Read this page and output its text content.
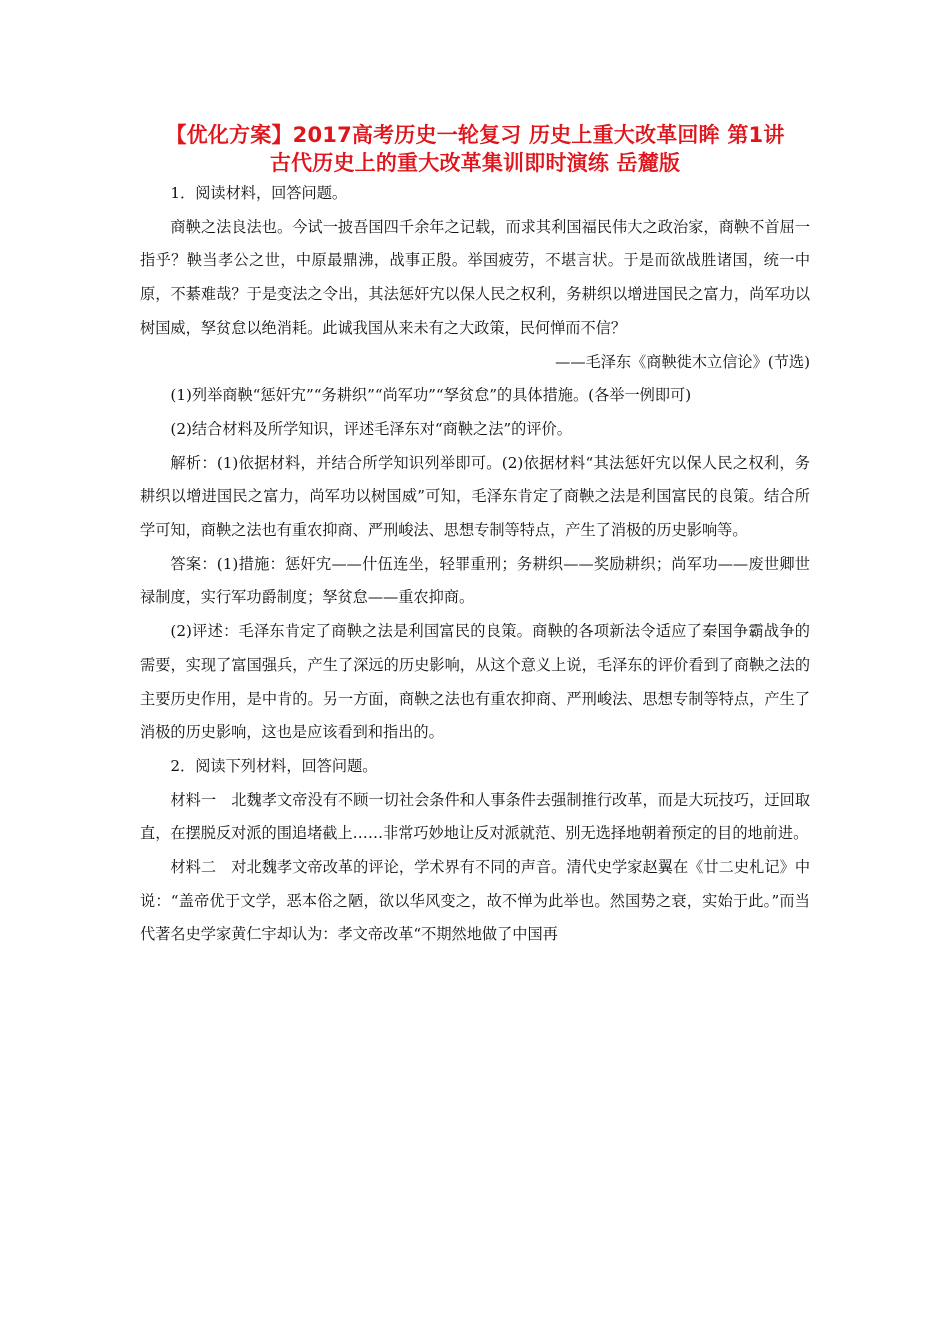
【优化方案】2017高考历史一轮复习 历史上重大改革回眸 第1讲
古代历史上的重大改革集训即时演练 岳麓版

1．阅读材料，回答问题。

商鞅之法良法也。今试一披吾国四千余年之记载，而求其利国福民伟大之政治家，商鞅不首屈一指乎？鞅当孝公之世，中原最鼎沸，战事正殷。举国疲劳，不堪言状。于是而欲战胜诸国，统一中原，不綦难哉？于是变法之令出，其法惩奸宄以保人民之权利，务耕织以增进国民之富力，尚军功以树国威，孥贫怠以绝消耗。此诚我国从来未有之大政策，民何惮而不信？

——毛泽东《商鞅徙木立信论》(节选)

(1)列举商鞅“惩奸宄”“务耕织”“尚军功”“孥贫怠”的具体措施。(各举一例即可)

(2)结合材料及所学知识，评述毛泽东对“商鞅之法”的评价。

解析：(1)依据材料，并结合所学知识列举即可。(2)依据材料“其法惩奸宄以保人民之权利，务耕织以增进国民之富力，尚军功以树国威”可知，毛泽东肯定了商鞅之法是利国富民的良策。结合所学可知，商鞅之法也有重农抑商、严刑峻法、思想专制等特点，产生了消极的历史影响等。

答案：(1)措施：惩奸宄——什伍连坐，轻罪重刑；务耕织——奖励耕织；尚军功——废世卿世禄制度，实行军功爵制度；孥贫怠——重农抑商。

(2)评述：毛泽东肯定了商鞅之法是利国富民的良策。商鞅的各项新法令适应了秦国争霸战争的需要，实现了富国强兵，产生了深远的历史影响，从这个意义上说，毛泽东的评价看到了商鞅之法的主要历史作用，是中肯的。另一方面，商鞅之法也有重农抑商、严刑峻法、思想专制等特点，产生了消极的历史影响，这也是应该看到和指出的。

2．阅读下列材料，回答问题。

材料一　北魏孝文帝没有不顾一切社会条件和人事条件去强制推行改革，而是大玩技巧，迂回取直，在摆脱反对派的围追堵截上……非常巧妙地让反对派就范、别无选择地朝着预定的目的地前进。

材料二　对北魏孝文帝改革的评论，学术界有不同的声音。清代史学家赵翼在《廿二史札记》中说：“盖帝优于文学，恶本俗之陋，欲以华风变之，故不惮为此举也。然国势之衰，实始于此。”而当代著名史学家黄仁宇却认为：孝文帝改革“不期然地做了中国再
